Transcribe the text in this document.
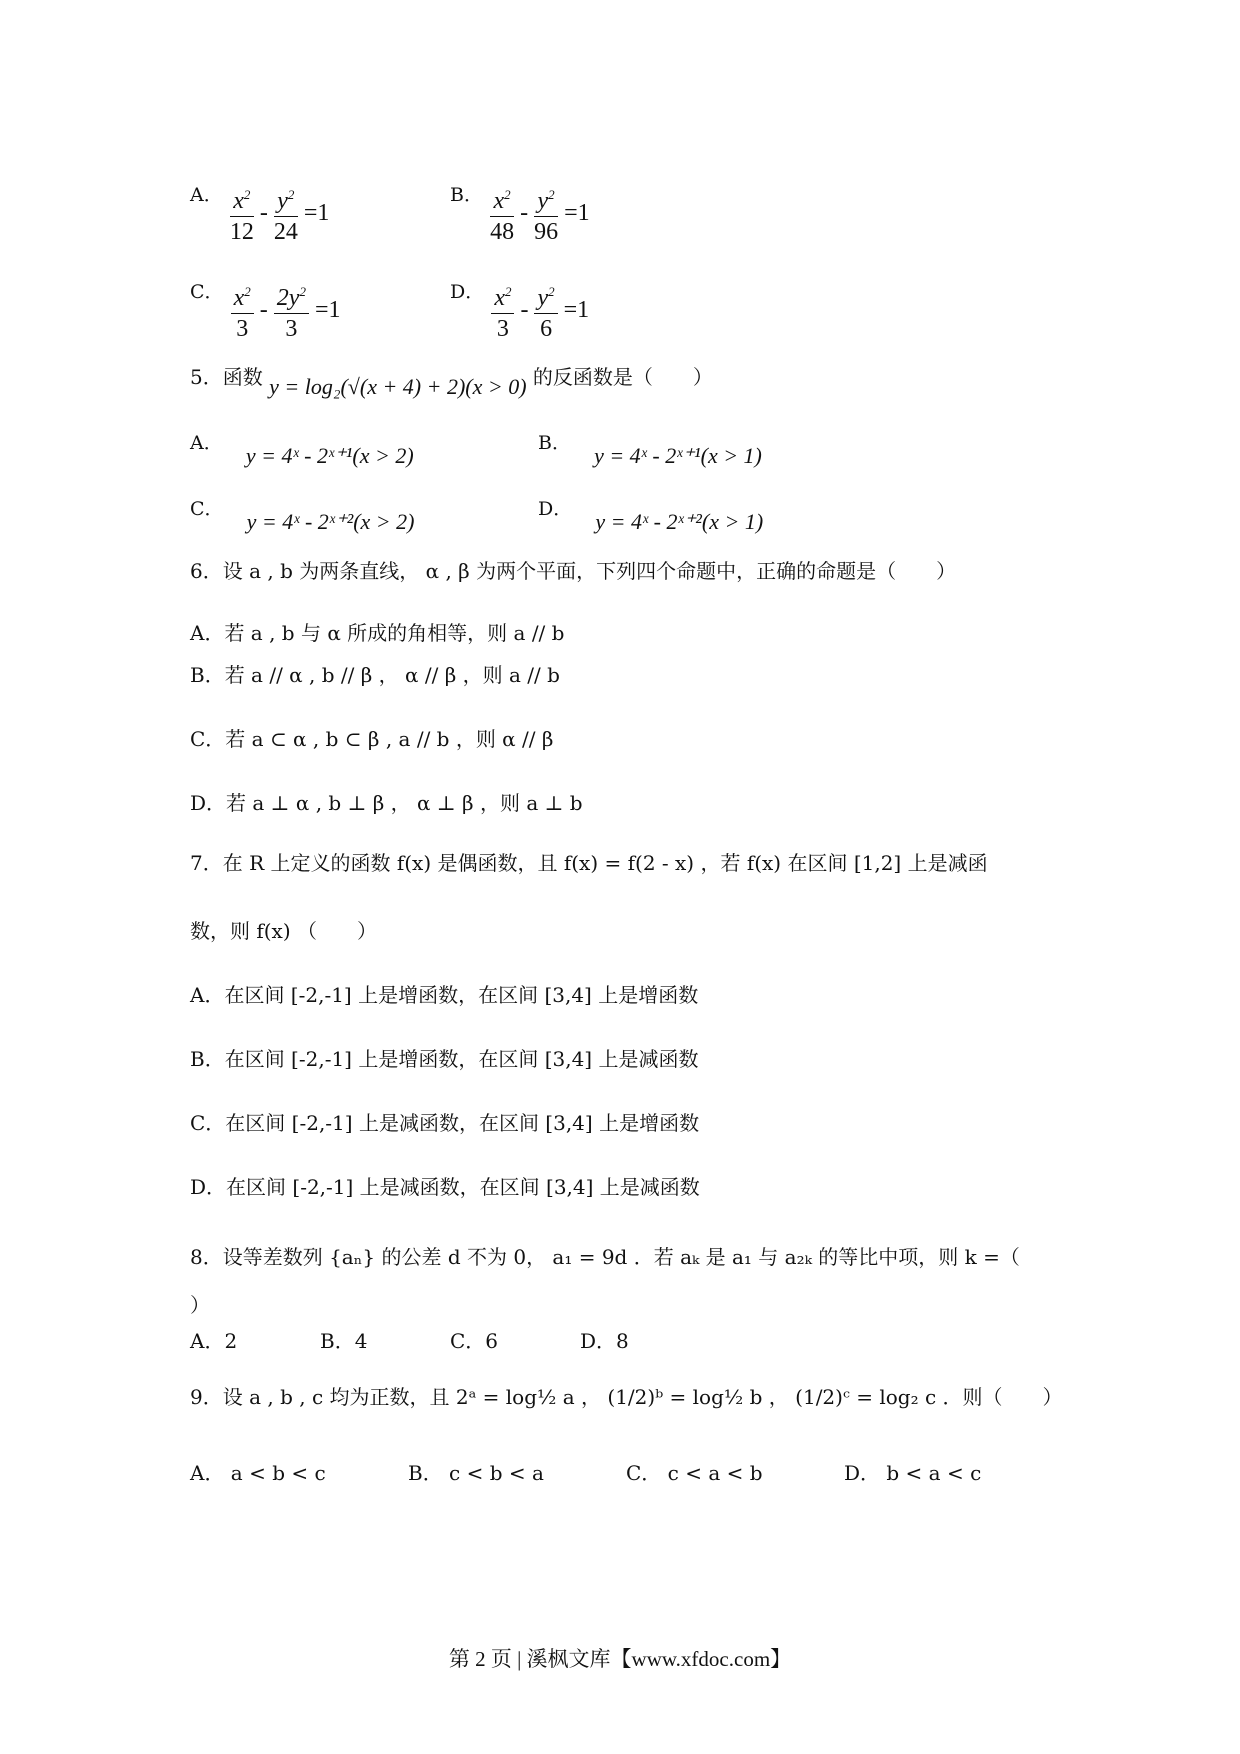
A． $\frac{x^2}{12} - \frac{y^2}{24} =1$
B． $\frac{x^2}{48} - \frac{y^2}{96} =1$
C． $\frac{x^2}{3} - \frac{2y^2}{3} =1$
D． $\frac{x^2}{3} - \frac{y^2}{6} =1$
5．函数 y = log₂(√(x + 4) + 2)(x > 0) 的反函数是（　　）
A． y = 4ˣ - 2ˣ⁺¹(x > 2)	B． y = 4ˣ - 2ˣ⁺¹(x > 1)
C． y = 4ˣ - 2ˣ⁺²(x > 2)	D． y = 4ˣ - 2ˣ⁺²(x > 1)
6．设 a , b 为两条直线， α , β 为两个平面，下列四个命题中，正确的命题是（　　）
A．若 a , b 与 α 所成的角相等，则 a // b
B．若 a // α , b // β ， α // β ，则 a // b
C．若 a ⊂ α , b ⊂ β , a // b ，则 α // β
D．若 a ⊥ α , b ⊥ β ， α ⊥ β ，则 a ⊥ b
7．在 R 上定义的函数 f(x) 是偶函数，且 f(x) = f(2 - x) ，若 f(x) 在区间 [1,2] 上是减函
数，则 f(x) （　　）
A．在区间 [-2,-1] 上是增函数，在区间 [3,4] 上是增函数
B．在区间 [-2,-1] 上是增函数，在区间 [3,4] 上是减函数
C．在区间 [-2,-1] 上是减函数，在区间 [3,4] 上是增函数
D．在区间 [-2,-1] 上是减函数，在区间 [3,4] 上是减函数
8．设等差数列 {aₙ} 的公差 d 不为 0， a₁ = 9d ．若 aₖ 是 a₁ 与 a₂ₖ 的等比中项，则 k =（
）
A．2	B．4	C．6	D．8
9．设 a , b , c 均为正数，且 2ᵃ = log½ a ， (1/2)ᵇ = log½ b ， (1/2)ᶜ = log₂ c ．则（　　）
A． a < b < c	B． c < b < a	C． c < a < b	D． b < a < c
第 2 页 | 溪枫文库【www.xfdoc.com】
